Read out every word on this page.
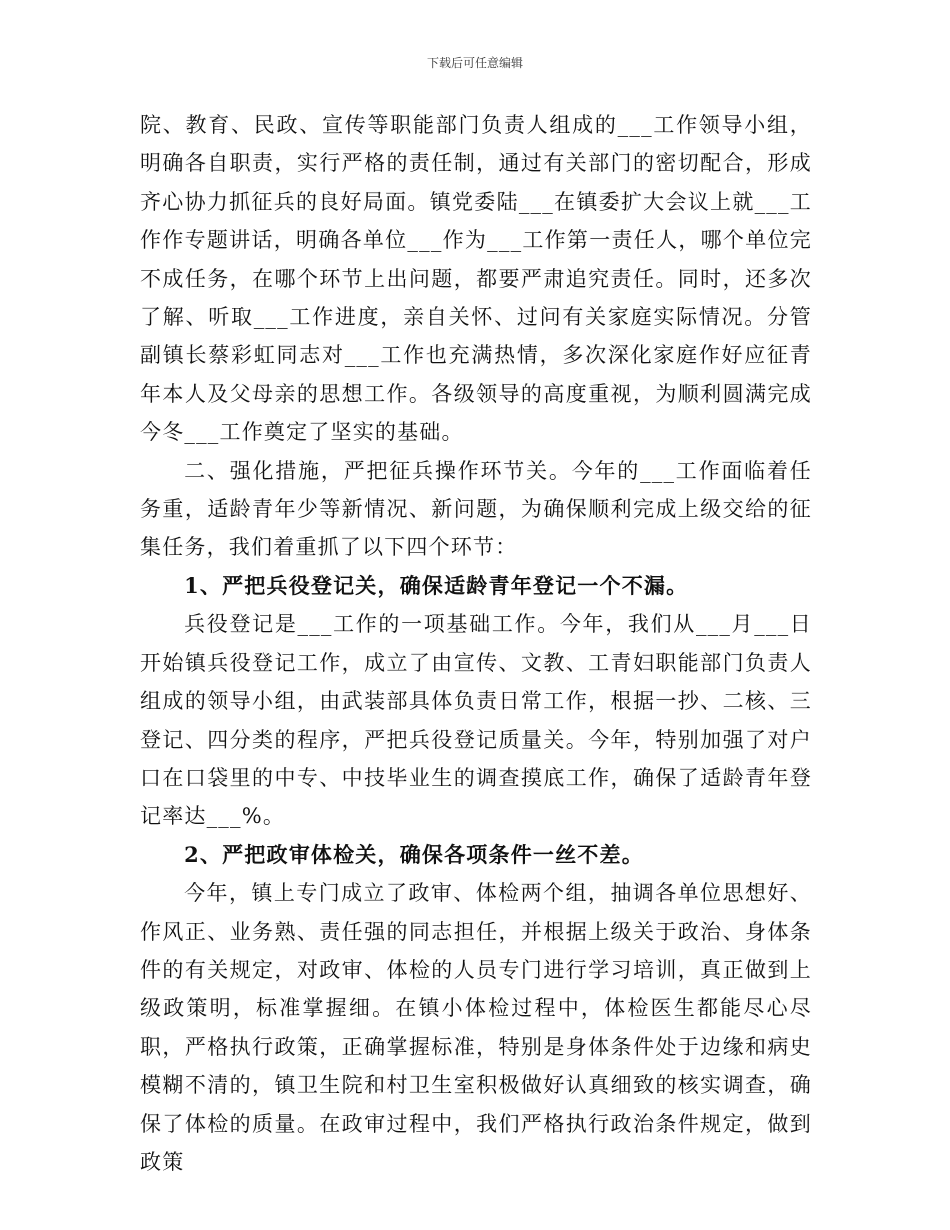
下载后可任意编辑

院、教育、民政、宣传等职能部门负责人组成的___工作领导小组，明确各自职责，实行严格的责任制，通过有关部门的密切配合，形成齐心协力抓征兵的良好局面。镇党委陆___在镇委扩大会议上就___工作作专题讲话，明确各单位___作为___工作第一责任人，哪个单位完不成任务，在哪个环节上出问题，都要严肃追究责任。同时，还多次了解、听取___工作进度，亲自关怀、过问有关家庭实际情况。分管副镇长蔡彩虹同志对___工作也充满热情，多次深化家庭作好应征青年本人及父母亲的思想工作。各级领导的高度重视，为顺利圆满完成今冬___工作奠定了坚实的基础。

二、强化措施，严把征兵操作环节关。今年的___工作面临着任务重，适龄青年少等新情况、新问题，为确保顺利完成上级交给的征集任务，我们着重抓了以下四个环节：

1、严把兵役登记关，确保适龄青年登记一个不漏。

兵役登记是___工作的一项基础工作。今年，我们从___月___日开始镇兵役登记工作，成立了由宣传、文教、工青妇职能部门负责人组成的领导小组，由武装部具体负责日常工作，根据一抄、二核、三登记、四分类的程序，严把兵役登记质量关。今年，特别加强了对户口在口袋里的中专、中技毕业生的调查摸底工作，确保了适龄青年登记率达___%。

2、严把政审体检关，确保各项条件一丝不差。

今年，镇上专门成立了政审、体检两个组，抽调各单位思想好、作风正、业务熟、责任强的同志担任，并根据上级关于政治、身体条件的有关规定，对政审、体检的人员专门进行学习培训，真正做到上级政策明，标准掌握细。在镇小体检过程中，体检医生都能尽心尽职，严格执行政策，正确掌握标准，特别是身体条件处于边缘和病史模糊不清的，镇卫生院和村卫生室积极做好认真细致的核实调查，确保了体检的质量。在政审过程中，我们严格执行政治条件规定，做到政策
